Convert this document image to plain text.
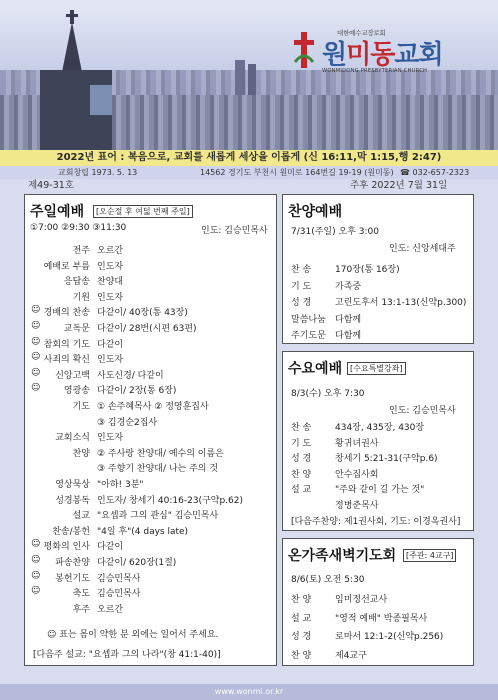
대한예수교장로회
원미동교회
WONMIDONG PRESBYTERIAN CHURCH
2022년 표어 : 복음으로, 교회를 새롭게 세상을 이롭게 (신 16:11,막 1:15,행 2:47)
교회창립 1973. 5. 13	14562 경기도 부천시 원미로 164번길 19-19 (원미동) ☎ 032-657-2323
제49-31호	주후 2022년 7월 31일
주일예배	[오순절 후 여덟 번째 주일]
①7:00 ②9:30 ③11:30	인도: 김승민목사
전주 오르간
예배로 부름 인도자
응답송 찬양대
기원 인도자
☺ 경배의 찬송 다같이/ 40장(통 43장)
☺	교독문 다같이/ 28번(시편 63편)
☺ 참회의 기도 다같이
☺ 사죄의 확신 인도자
☺ 신앙고백 사도신경/ 다같이
☺	영광송 다같이/ 2장(통 6장)
기도 ① 손주혜목사 ② 정영훈집사
③ 김경순2집사
교회소식 인도자
찬양 ② 주사랑 찬양대/ 예수의 이름은
③ 주향기 찬양대/ 나는 주의 것
영상묵상 "아하! 3분"
성경봉독 인도자/ 창세기 40:16-23(구약p.62)
설교 "요셉과 그의 관심" 김승민목사
찬송/봉헌 "4일 후"(4 days late)
☺ 평화의 인사 다같이
☺ 파송찬양 다같이/ 620장(1절)
☺ 봉헌기도 김승민목사
☺	축도 김승민목사
후주 오르간
☺ 표는 몸이 약한 분 외에는 일어서 주세요.
[다음주 설교: "요셉과 그의 나라"(창 41:1-40)]
찬양예배
7/31(주일) 오후 3:00
인도: 신앙세대주
찬 송	170장(통 16장)
기 도	가족중
성 경	고린도후서 13:1-13(신약p.300)
말씀나눔 다함께
주기도문 다함께
수요예배 [수요특별강좌]
8/3(수) 오후 7:30
인도: 김승민목사
찬 송	434장, 435장, 430장
기 도	황귀녀권사
성 경	창세기 5:21-31(구약p.6)
찬 양	안수집사회
설 교	"주와 같이 길 가는 것"
정병준목사
[다음주찬양: 제1권사회, 기도: 이경옥권사]
온가족새벽기도회	[주관: 4교구]
8/6(토) 오전 5:30
찬 양	임미정선교사
설 교	"영적 예배" 박종필목사
성 경	로마서 12:1-2(신약p.256)
찬 양	제4교구
www.wonmi.or.kr
